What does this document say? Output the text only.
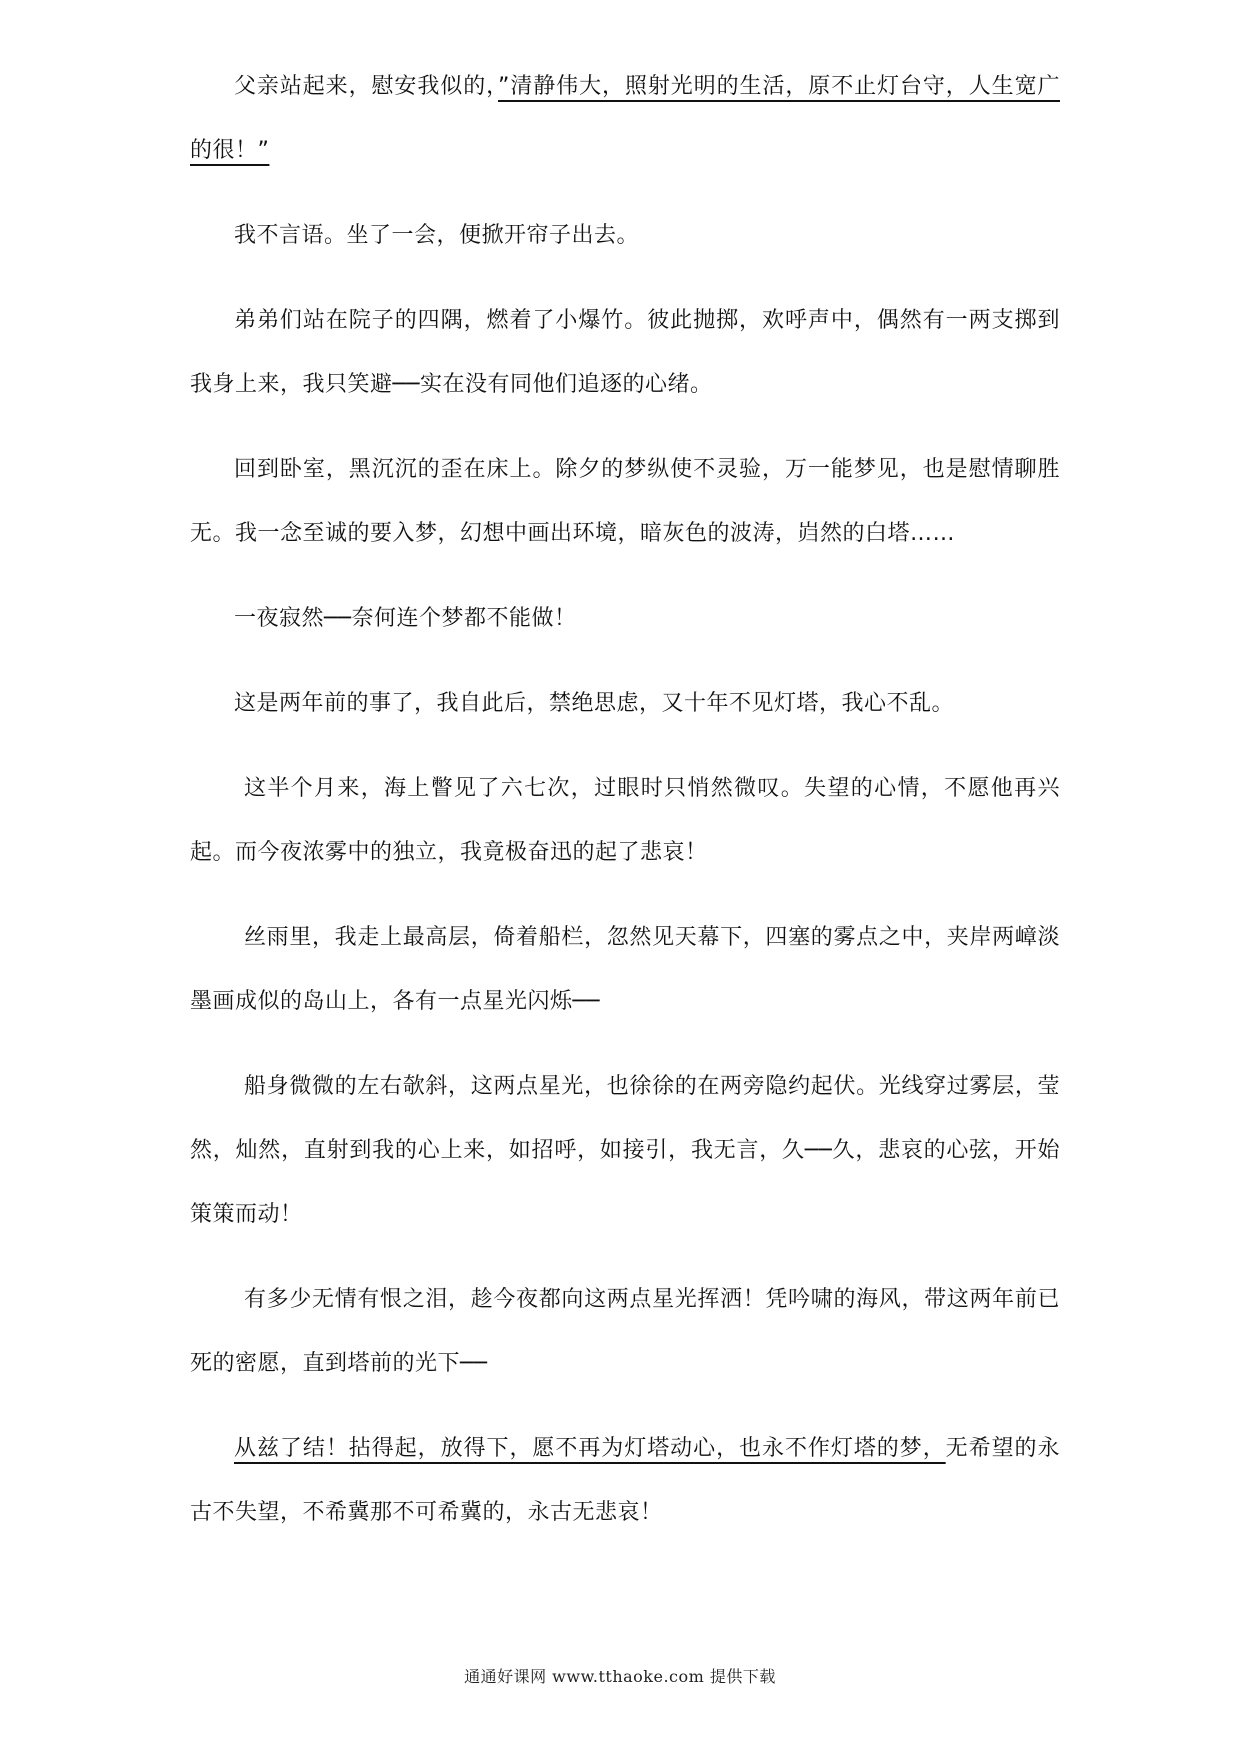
父亲站起来，慰安我似的，”清静伟大，照射光明的生活，原不止灯台守，人生宽广的很！”

我不言语。坐了一会，便掀开帘子出去。

弟弟们站在院子的四隅，燃着了小爆竹。彼此抛掷，欢呼声中，偶然有一两支掷到我身上来，我只笑避──实在没有同他们追逐的心绪。

回到卧室，黑沉沉的歪在床上。除夕的梦纵使不灵验，万一能梦见，也是慰情聊胜无。我一念至诚的要入梦，幻想中画出环境，暗灰色的波涛，岿然的白塔……

一夜寂然──奈何连个梦都不能做！

这是两年前的事了，我自此后，禁绝思虑，又十年不见灯塔，我心不乱。

这半个月来，海上瞥见了六七次，过眼时只悄然微叹。失望的心情，不愿他再兴起。而今夜浓雾中的独立，我竟极奋迅的起了悲哀！

丝雨里，我走上最高层，倚着船栏，忽然见天幕下，四塞的雾点之中，夹岸两嶂淡墨画成似的岛山上，各有一点星光闪烁──

船身微微的左右欹斜，这两点星光，也徐徐的在两旁隐约起伏。光线穿过雾层，莹然，灿然，直射到我的心上来，如招呼，如接引，我无言，久──久，悲哀的心弦，开始策策而动！

有多少无情有恨之泪，趁今夜都向这两点星光挥洒！凭吟啸的海风，带这两年前已死的密愿，直到塔前的光下──

从兹了结！拈得起，放得下，愿不再为灯塔动心，也永不作灯塔的梦，无希望的永古不失望，不希冀那不可希冀的，永古无悲哀！

通通好课网 www.tthaoke.com 提供下载
